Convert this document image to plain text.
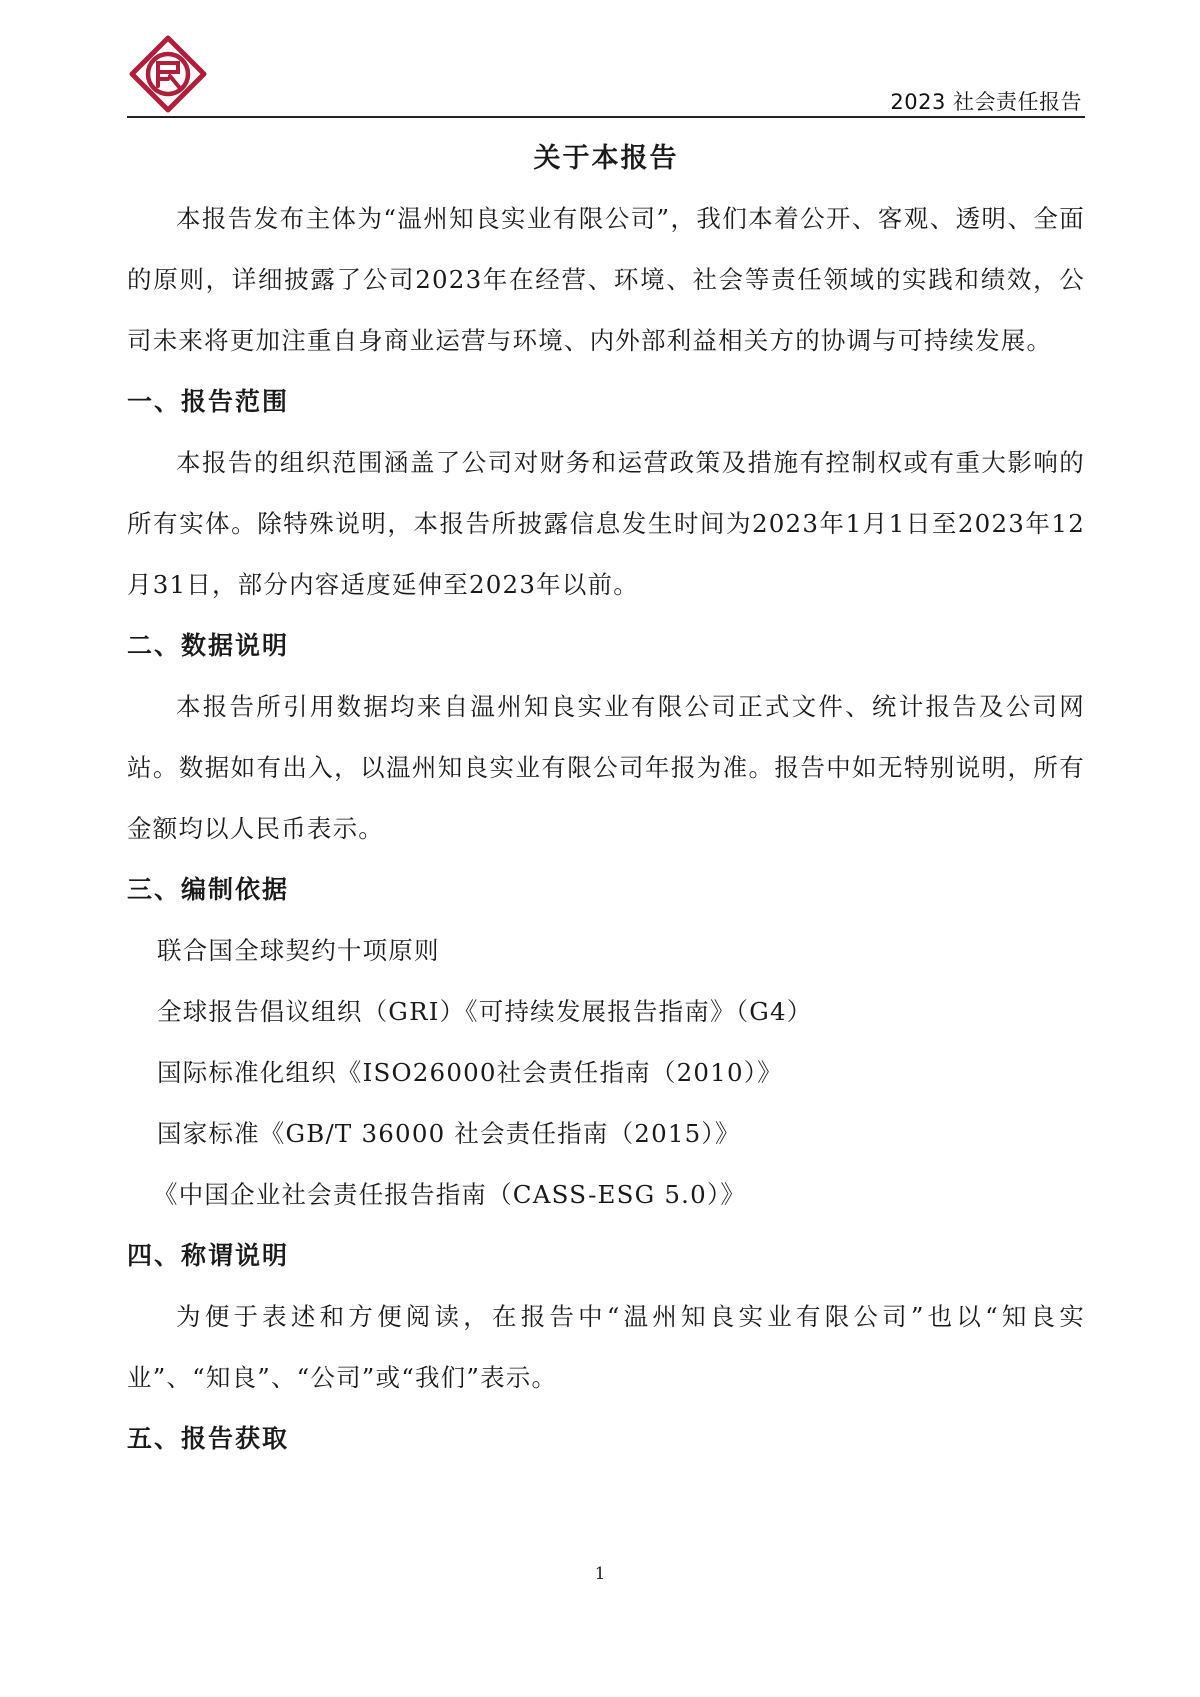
2023 社会责任报告
关于本报告

本报告发布主体为“温州知良实业有限公司”，我们本着公开、客观、透明、全面的原则，详细披露了公司2023年在经营、环境、社会等责任领域的实践和绩效，公司未来将更加注重自身商业运营与环境、内外部利益相关方的协调与可持续发展。

一、报告范围

本报告的组织范围涵盖了公司对财务和运营政策及措施有控制权或有重大影响的所有实体。除特殊说明，本报告所披露信息发生时间为2023年1月1日至2023年12月31日，部分内容适度延伸至2023年以前。

二、数据说明

本报告所引用数据均来自温州知良实业有限公司正式文件、统计报告及公司网站。数据如有出入，以温州知良实业有限公司年报为准。报告中如无特别说明，所有金额均以人民币表示。

三、编制依据
联合国全球契约十项原则
全球报告倡议组织（GRI）《可持续发展报告指南》（G4）
国际标准化组织《ISO26000社会责任指南（2010）》
国家标准《GB/T 36000 社会责任指南（2015）》
《中国企业社会责任报告指南（CASS-ESG 5.0）》
四、称谓说明

为便于表述和方便阅读，在报告中“温州知良实业有限公司”也以“知良实业”、“知良”、“公司”或“我们”表示。

五、报告获取
1
